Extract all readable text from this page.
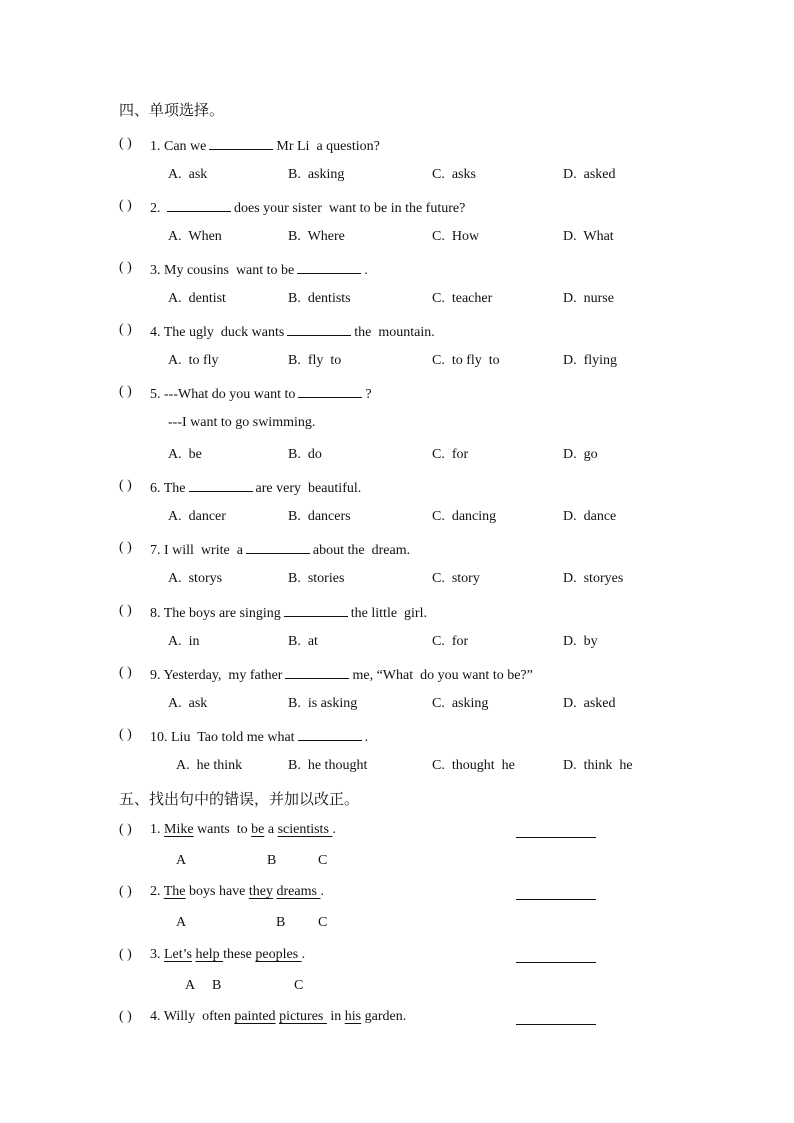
四、单项选择。
( ) 1. Can we	Mr Li  a question?
A.  ask	B.  asking	C.  asks	D.  asked
( ) 2.	does your sister  want to be in the future?
A.  When	B.  Where	C.  How	D.  What
( ) 3. My cousins  want to be	.
A.  dentist	B.  dentists	C.  teacher	D.  nurse
( ) 4. The ugly  duck wants	the  mountain.
A.  to fly	B.  fly  to	C.  to fly  to	D.  flying
( ) 5. ---What do you want to	?
---I want to go swimming.
A.  be	B.  do	C.  for	D.  go
( ) 6. The	are very  beautiful.
A.  dancer	B.  dancers	C.  dancing	D.  dance
( ) 7. I will  write  a	about the  dream.
A.  storys	B.  stories	C.  story	D.  storyes
( ) 8. The boys are singing	the little  girl.
A.  in	B.  at	C.  for	D.  by
( ) 9. Yesterday,  my father	me, “What  do you want to be?”
A.  ask	B.  is asking	C.  asking	D.  asked
( ) 10. Liu  Tao told me what	.
A.  he think	B.  he thought	C.  thought  he	D.  think  he
五、找出句中的错误，并加以改正。
( ) 1. Mike wants  to be a scientists .
A	B	C
( ) 2. The boys have they dreams .
A	B C
( ) 3. Let’s help these peoples .
A B	C
( ) 4. Willy  often painted pictures  in his garden.
